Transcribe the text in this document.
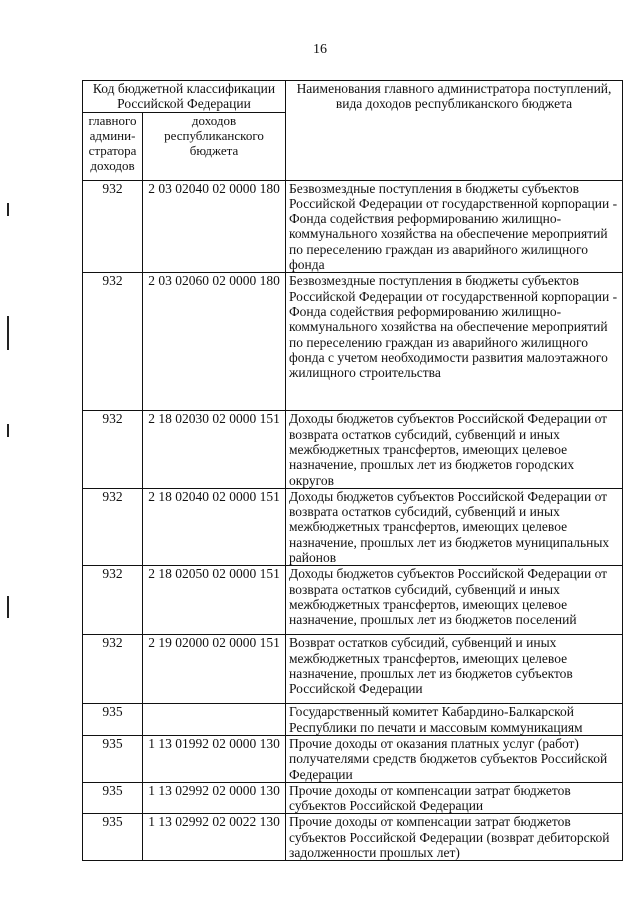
16
Код бюджетной классификации Российской Федерации		Наименования главного администратора поступлений, вида доходов республиканского бюджета
главного админи-стратора доходов	доходов республиканского бюджета	
932	2 03 02040 02 0000 180	Безвозмездные поступления в бюджеты субъектов Российской Федерации от государственной корпорации - Фонда содействия реформированию жилищно-коммунального хозяйства на обеспечение мероприятий по переселению граждан из аварийного жилищного фонда
932	2 03 02060 02 0000 180	Безвозмездные поступления в бюджеты субъектов Российской Федерации от государственной корпорации - Фонда содействия реформированию жилищно-коммунального хозяйства на обеспечение мероприятий по переселению граждан из аварийного жилищного фонда с учетом необходимости развития малоэтажного жилищного строительства
932	2 18 02030 02 0000 151	Доходы бюджетов субъектов Российской Федерации от возврата остатков субсидий, субвенций и иных межбюджетных трансфертов, имеющих целевое назначение, прошлых лет из бюджетов городских округов
932	2 18 02040 02 0000 151	Доходы бюджетов субъектов Российской Федерации от возврата остатков субсидий, субвенций и иных межбюджетных трансфертов, имеющих целевое назначение, прошлых лет из бюджетов муниципальных районов
932	2 18 02050 02 0000 151	Доходы бюджетов субъектов Российской Федерации от возврата остатков субсидий, субвенций и иных межбюджетных трансфертов, имеющих целевое назначение, прошлых лет из бюджетов поселений
932	2 19 02000 02 0000 151	Возврат остатков субсидий, субвенций и иных межбюджетных трансфертов, имеющих целевое назначение, прошлых лет из бюджетов субъектов Российской Федерации
935		Государственный комитет Кабардино-Балкарской Республики по печати и массовым коммуникациям
935	1 13 01992 02 0000 130	Прочие доходы от оказания платных услуг (работ) получателями средств бюджетов субъектов Российской Федерации
935	1 13 02992 02 0000 130	Прочие доходы от компенсации затрат бюджетов субъектов Российской Федерации
935	1 13 02992 02 0022 130	Прочие доходы от компенсации затрат бюджетов субъектов Российской Федерации (возврат дебиторской задолженности прошлых лет)
